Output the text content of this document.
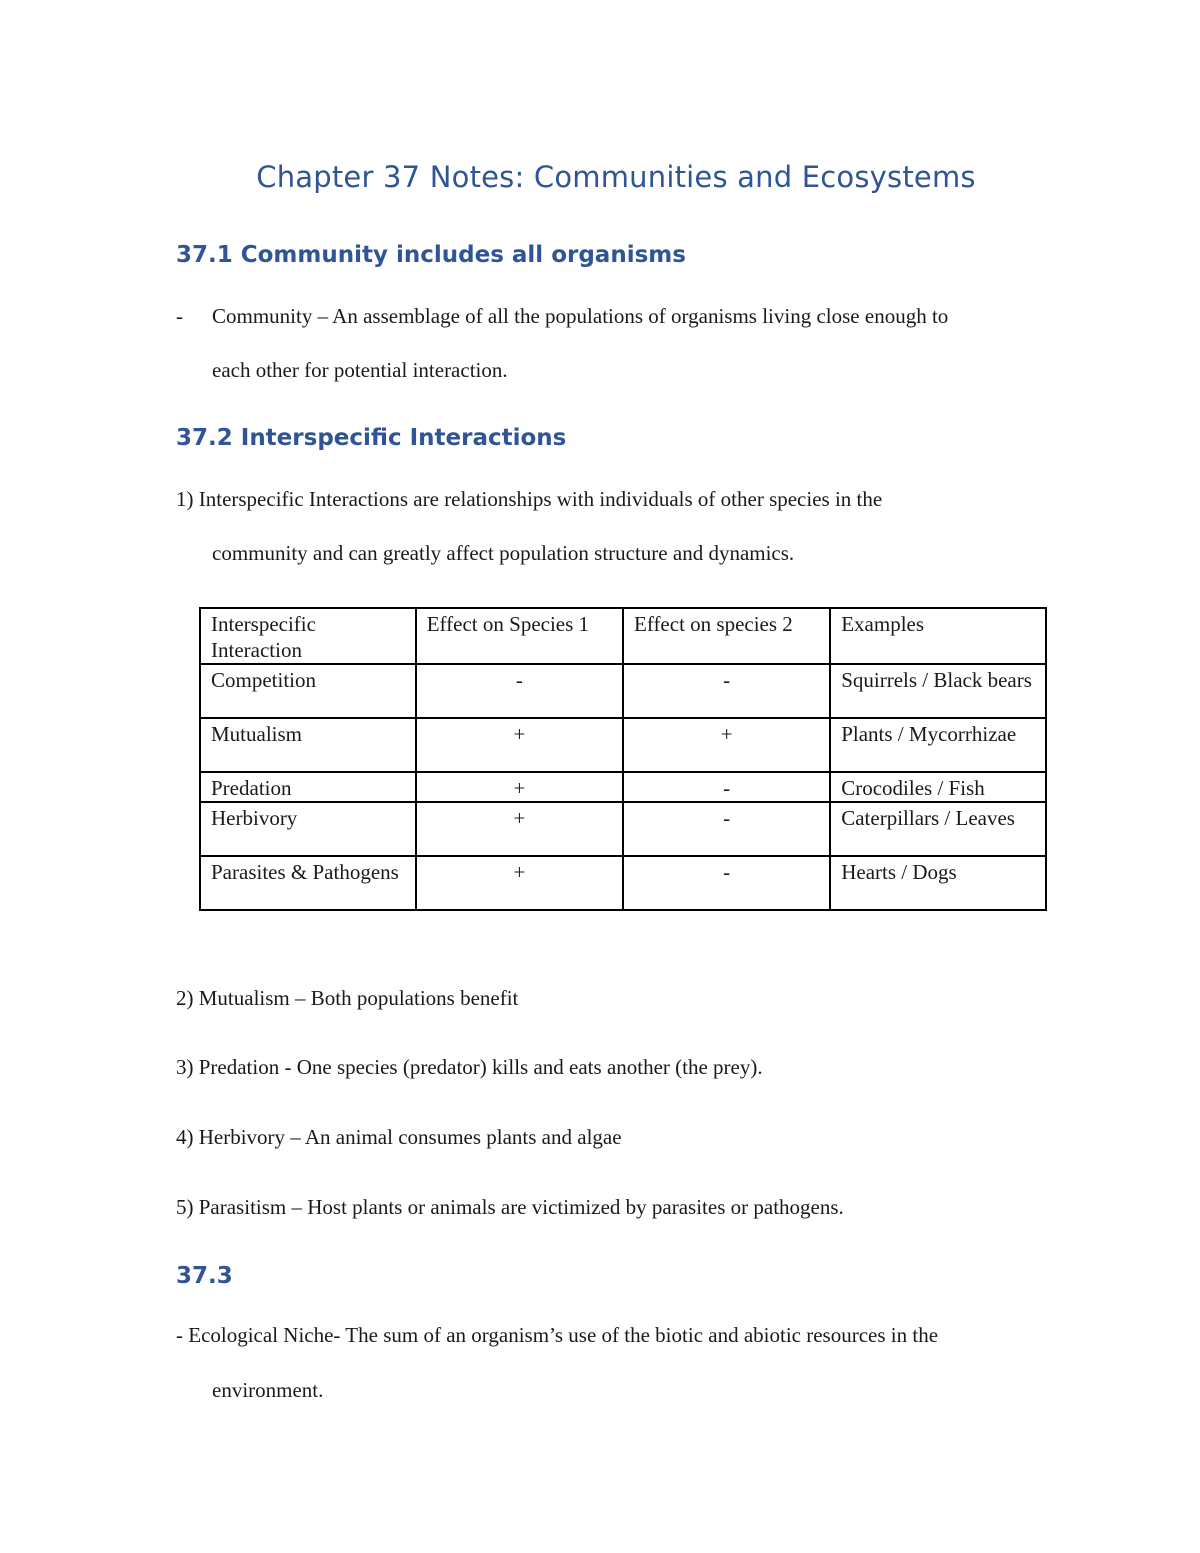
Chapter 37 Notes: Communities and Ecosystems
37.1 Community includes all organisms
- Community – An assemblage of all the populations of organisms living close enough to
each other for potential interaction.
37.2 Interspecific Interactions
1) Interspecific Interactions are relationships with individuals of other species in the
community and can greatly affect population structure and dynamics.
Interspecific Interaction	Effect on Species 1	Effect on species 2	Examples
Competition	-	-	Squirrels / Black bears
Mutualism	+	+	Plants / Mycorrhizae
Predation	+	-	Crocodiles / Fish
Herbivory	+	-	Caterpillars / Leaves
Parasites & Pathogens	+	-	Hearts / Dogs
2) Mutualism – Both populations benefit
3) Predation - One species (predator) kills and eats another (the prey).
4) Herbivory – An animal consumes plants and algae
5) Parasitism – Host plants or animals are victimized by parasites or pathogens.
37.3
- Ecological Niche- The sum of an organism’s use of the biotic and abiotic resources in the
environment.
